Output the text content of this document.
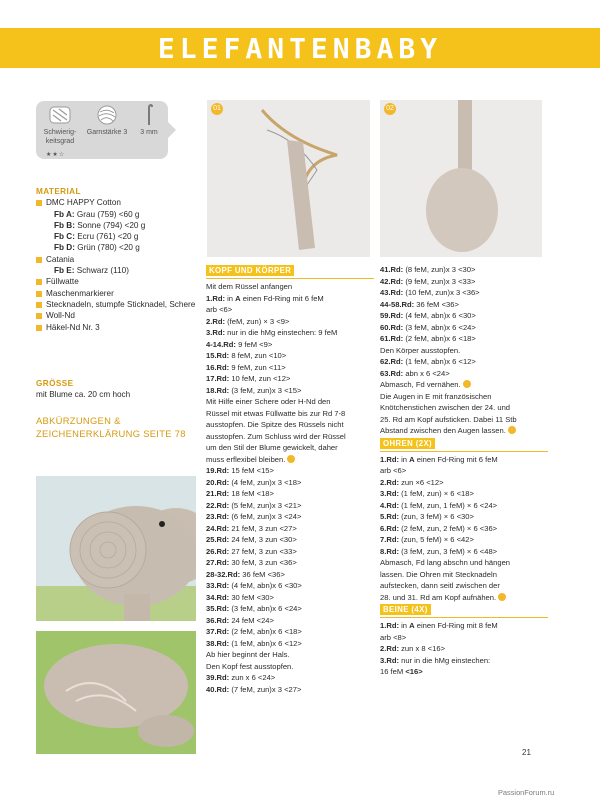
ELEFANTENBABY
Schwierig-
keitsgrad
Garnstärke 3	3 mm
★★☆
MATERIAL
DMC HAPPY Cotton
Fb A: Grau (759) <60 g
Fb B: Sonne (794) <20 g
Fb C: Ecru (761) <20 g
Fb D: Grün (780) <20 g
Catania
Fb E: Schwarz (110)
Füllwatte
Maschenmarkierer
Stecknadeln, stumpfe Sticknadel, Schere
Woll-Nd
Häkel-Nd Nr. 3
GRÖSSE
mit Blume ca. 20 cm hoch
ABKÜRZUNGEN & ZEICHENERKLÄRUNG SEITE 78
01	02
KOPF UND KÖRPER

Mit dem Rüssel anfangen

1.Rd: in A einen Fd-Ring mit 6 feM

arb <6>

2.Rd: (feM, zun) × 3 <9>

3.Rd: nur in die hMg einstechen: 9 feM

4-14.Rd: 9 feM <9>

15.Rd: 8 feM, zun <10>

16.Rd: 9 feM, zun <11>

17.Rd: 10 feM, zun <12>

18.Rd: (3 feM, zun)x 3 <15>

Mit Hilfe einer Schere oder H-Nd den

Rüssel mit etwas Füllwatte bis zur Rd 7-8

ausstopfen. Die Spitze des Rüssels nicht

ausstopfen. Zum Schluss wird der Rüssel

um den Stil der Blume gewickelt, daher

muss erflexibel bleiben.

19.Rd: 15 feM <15>

20.Rd: (4 feM, zun)x 3 <18>

21.Rd: 18 feM <18>

22.Rd: (5 feM, zun)x 3 <21>

23.Rd: (6 feM, zun)x 3 <24>

24.Rd: 21 feM, 3 zun <27>

25.Rd: 24 feM, 3 zun <30>

26.Rd: 27 feM, 3 zun <33>

27.Rd: 30 feM, 3 zun <36>

28-32.Rd: 36 feM <36>

33.Rd: (4 feM, abn)x 6 <30>

34.Rd: 30 feM <30>

35.Rd: (3 feM, abn)x 6 <24>

36.Rd: 24 feM <24>

37.Rd: (2 feM, abn)x 6 <18>

38.Rd: (1 feM, abn)x 6 <12>

Ab hier beginnt der Hals.

Den Kopf fest ausstopfen.

39.Rd: zun x 6 <24>

40.Rd: (7 feM, zun)x 3 <27>

41.Rd: (8 feM, zun)x 3 <30>

42.Rd: (9 feM, zun)x 3 <33>

43.Rd: (10 feM, zun)x 3 <36>

44-58.Rd: 36 feM <36>

59.Rd: (4 feM, abn)x 6 <30>

60.Rd: (3 feM, abn)x 6 <24>

61.Rd: (2 feM, abn)x 6 <18>

Den Körper ausstopfen.

62.Rd: (1 feM, abn)x 6 <12>

63.Rd: abn x 6 <24>

Abmasch, Fd vernähen.

Die Augen in E mit französischen

Knötchenstichen zwischen der 24. und

25. Rd am Kopf aufsticken. Dabei 11 Stb

Abstand zwischen den Augen lassen.

OHREN (2X)

1.Rd: in A einen Fd-Ring mit 6 feM

arb <6>

2.Rd: zun ×6 <12>

3.Rd: (1 feM, zun) × 6 <18>

4.Rd: (1 feM, zun, 1 feM) × 6 <24>

5.Rd: (zun, 3 feM) × 6 <30>

6.Rd: (2 feM, zun, 2 feM) × 6 <36>

7.Rd: (zun, 5 feM) × 6 <42>

8.Rd: (3 feM, zun, 3 feM) × 6 <48>

Abmasch, Fd lang abschn und hängen

lassen. Die Ohren mit Stecknadeln

aufstecken, dann seitl zwischen der

28. und 31. Rd am Kopf aufnähen.

BEINE (4X)

1.Rd: in A einen Fd-Ring mit 8 feM

arb <8>

2.Rd: zun x 8 <16>

3.Rd: nur in die hMg einstechen:

16 feM <16>

21
PassionForum.ru
